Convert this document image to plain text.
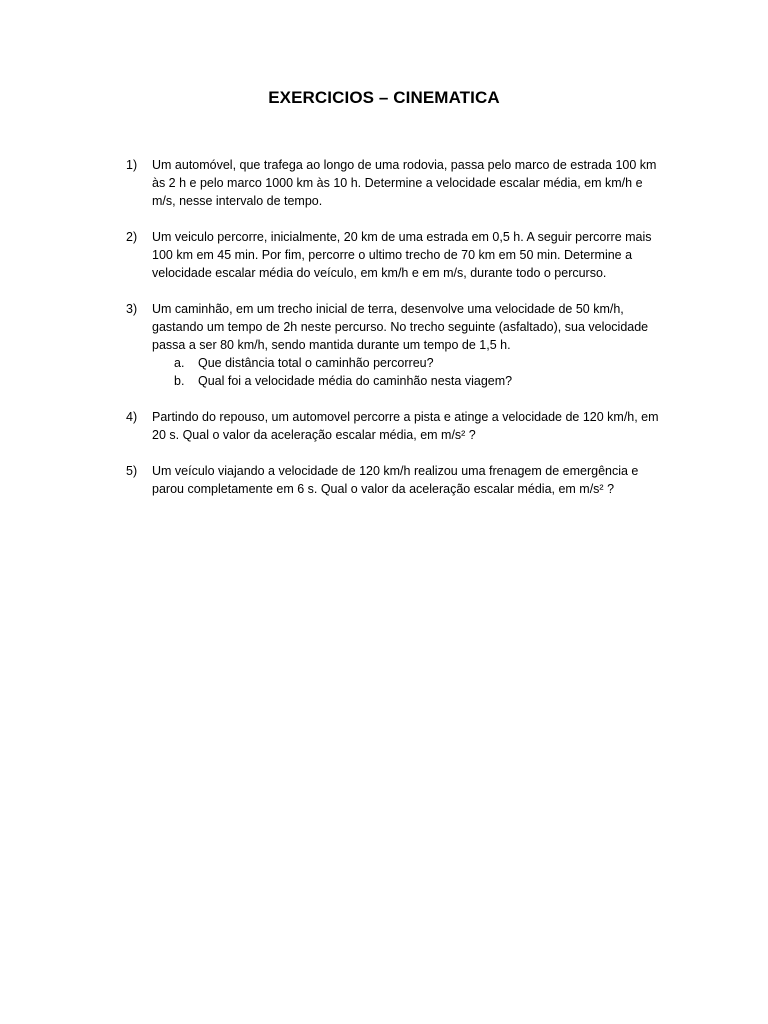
EXERCICIOS – CINEMATICA
1) Um automóvel, que trafega ao longo de uma rodovia, passa pelo marco de estrada 100 km às 2 h e pelo marco 1000 km às 10 h. Determine a velocidade escalar média, em km/h e m/s, nesse intervalo de tempo.
2) Um veiculo percorre, inicialmente, 20 km de uma estrada em 0,5 h. A seguir percorre mais 100 km em 45 min. Por fim, percorre o ultimo trecho de 70 km em 50 min. Determine a velocidade escalar média do veículo, em km/h e em m/s, durante todo o percurso.
3) Um caminhão, em um trecho inicial de terra, desenvolve uma velocidade de 50 km/h, gastando um tempo de 2h neste percurso. No trecho seguinte (asfaltado), sua velocidade passa a ser 80 km/h, sendo mantida durante um tempo de 1,5 h.
a. Que distância total o caminhão percorreu?
b. Qual foi a velocidade média do caminhão nesta viagem?
4) Partindo do repouso, um automovel percorre a pista e atinge a velocidade de 120 km/h, em 20 s. Qual o valor da aceleração escalar média, em m/s² ?
5) Um veículo viajando a velocidade de 120 km/h realizou uma frenagem de emergência e parou completamente em 6 s. Qual o valor da aceleração escalar média, em m/s² ?
